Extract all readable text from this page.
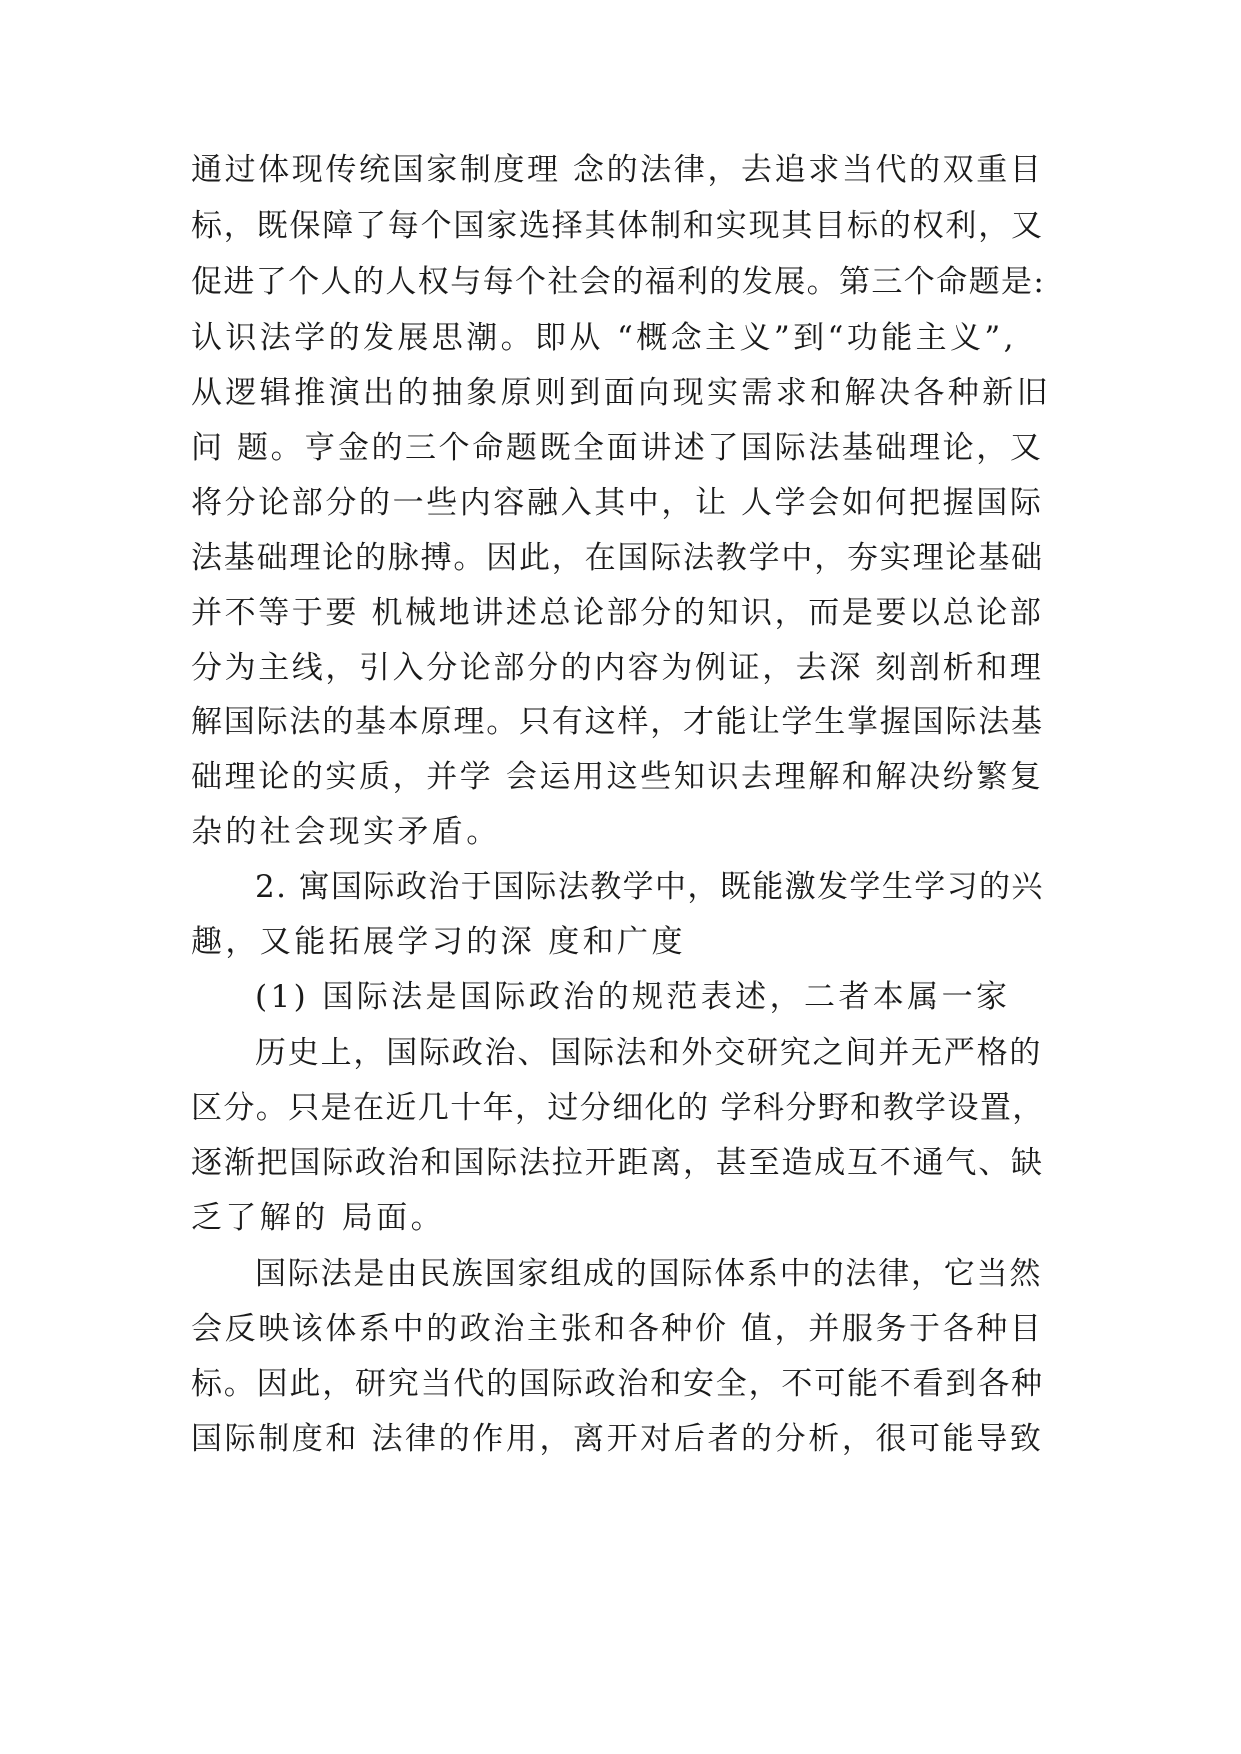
通过体现传统国家制度理 念的法律，去追求当代的双重目
标，既保障了每个国家选择其体制和实现其目标的权利，又
促进了个人的人权与每个社会的福利的发展。第三个命题是:
认识法学的发展思潮。即从 “概念主义”到“功能主义”,
从逻辑推演出的抽象原则到面向现实需求和解决各种新旧
问 题。亨金的三个命题既全面讲述了国际法基础理论，又
将分论部分的一些内容融入其中，让 人学会如何把握国际
法基础理论的脉搏。因此，在国际法教学中，夯实理论基础
并不等于要 机械地讲述总论部分的知识，而是要以总论部
分为主线，引入分论部分的内容为例证，去深 刻剖析和理
解国际法的基本原理。只有这样，才能让学生掌握国际法基
础理论的实质，并学 会运用这些知识去理解和解决纷繁复
杂的社会现实矛盾。
2. 寓国际政治于国际法教学中，既能激发学生学习的兴
趣，又能拓展学习的深 度和广度
(1) 国际法是国际政治的规范表述，二者本属一家
历史上，国际政治、国际法和外交研究之间并无严格的
区分。只是在近几十年，过分细化的 学科分野和教学设置，
逐渐把国际政治和国际法拉开距离，甚至造成互不通气、缺
乏了解的 局面。
国际法是由民族国家组成的国际体系中的法律，它当然
会反映该体系中的政治主张和各种价 值，并服务于各种目
标。因此，研究当代的国际政治和安全，不可能不看到各种
国际制度和 法律的作用，离开对后者的分析，很可能导致
